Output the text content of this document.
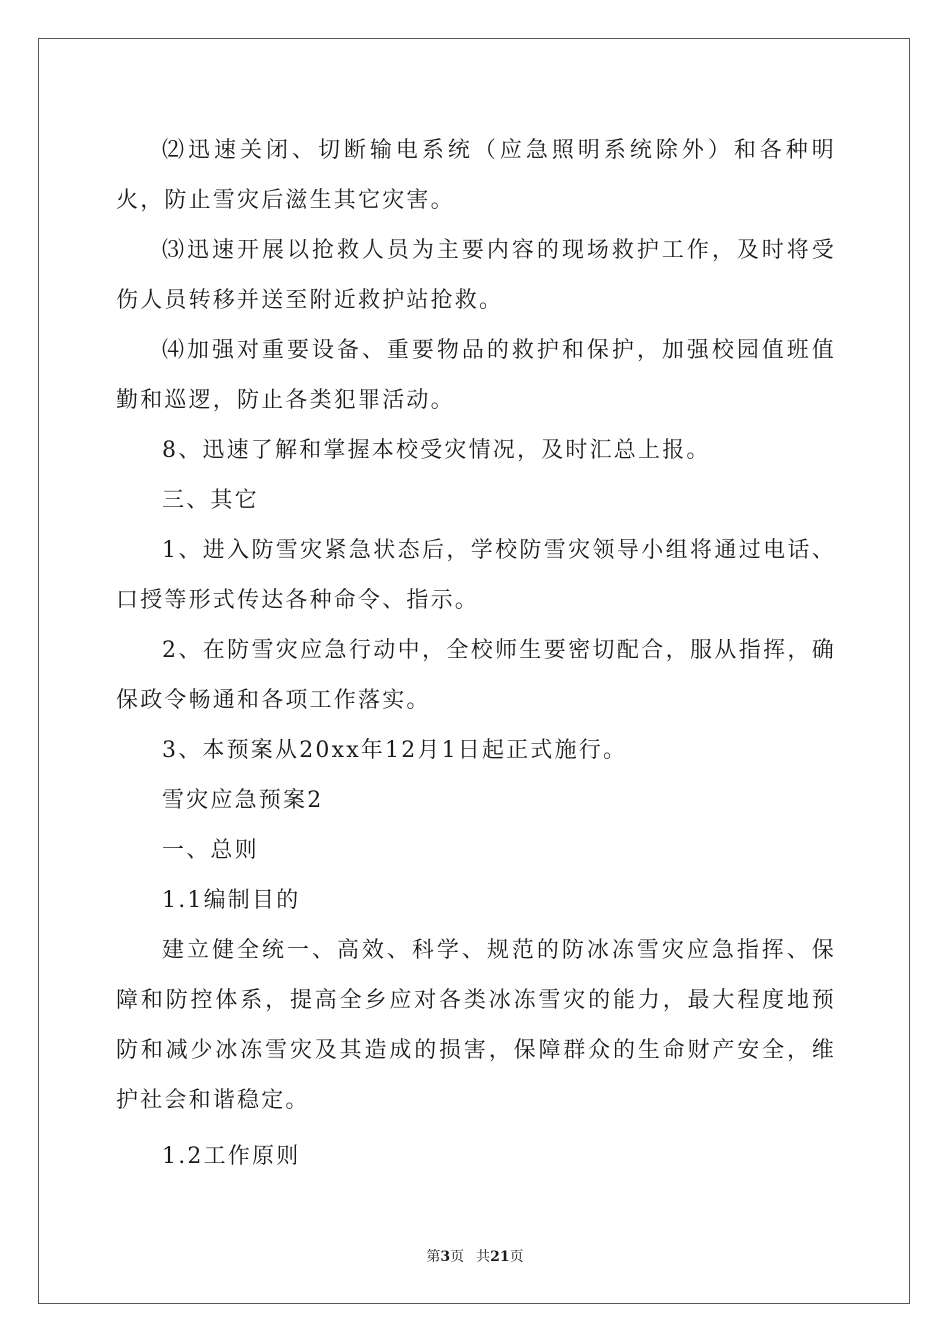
⑵迅速关闭、切断输电系统（应急照明系统除外）和各种明火，防止雪灾后滋生其它灾害。

⑶迅速开展以抢救人员为主要内容的现场救护工作，及时将受伤人员转移并送至附近救护站抢救。

⑷加强对重要设备、重要物品的救护和保护，加强校园值班值勤和巡逻，防止各类犯罪活动。

8、迅速了解和掌握本校受灾情况，及时汇总上报。

三、其它

1、进入防雪灾紧急状态后，学校防雪灾领导小组将通过电话、口授等形式传达各种命令、指示。

2、在防雪灾应急行动中，全校师生要密切配合，服从指挥，确保政令畅通和各项工作落实。

3、本预案从20xx年12月1日起正式施行。

雪灾应急预案2

一、总则

1.1编制目的

建立健全统一、高效、科学、规范的防冰冻雪灾应急指挥、保障和防控体系，提高全乡应对各类冰冻雪灾的能力，最大程度地预防和减少冰冻雪灾及其造成的损害，保障群众的生命财产安全，维护社会和谐稳定。

1.2工作原则

第3页 共21页
